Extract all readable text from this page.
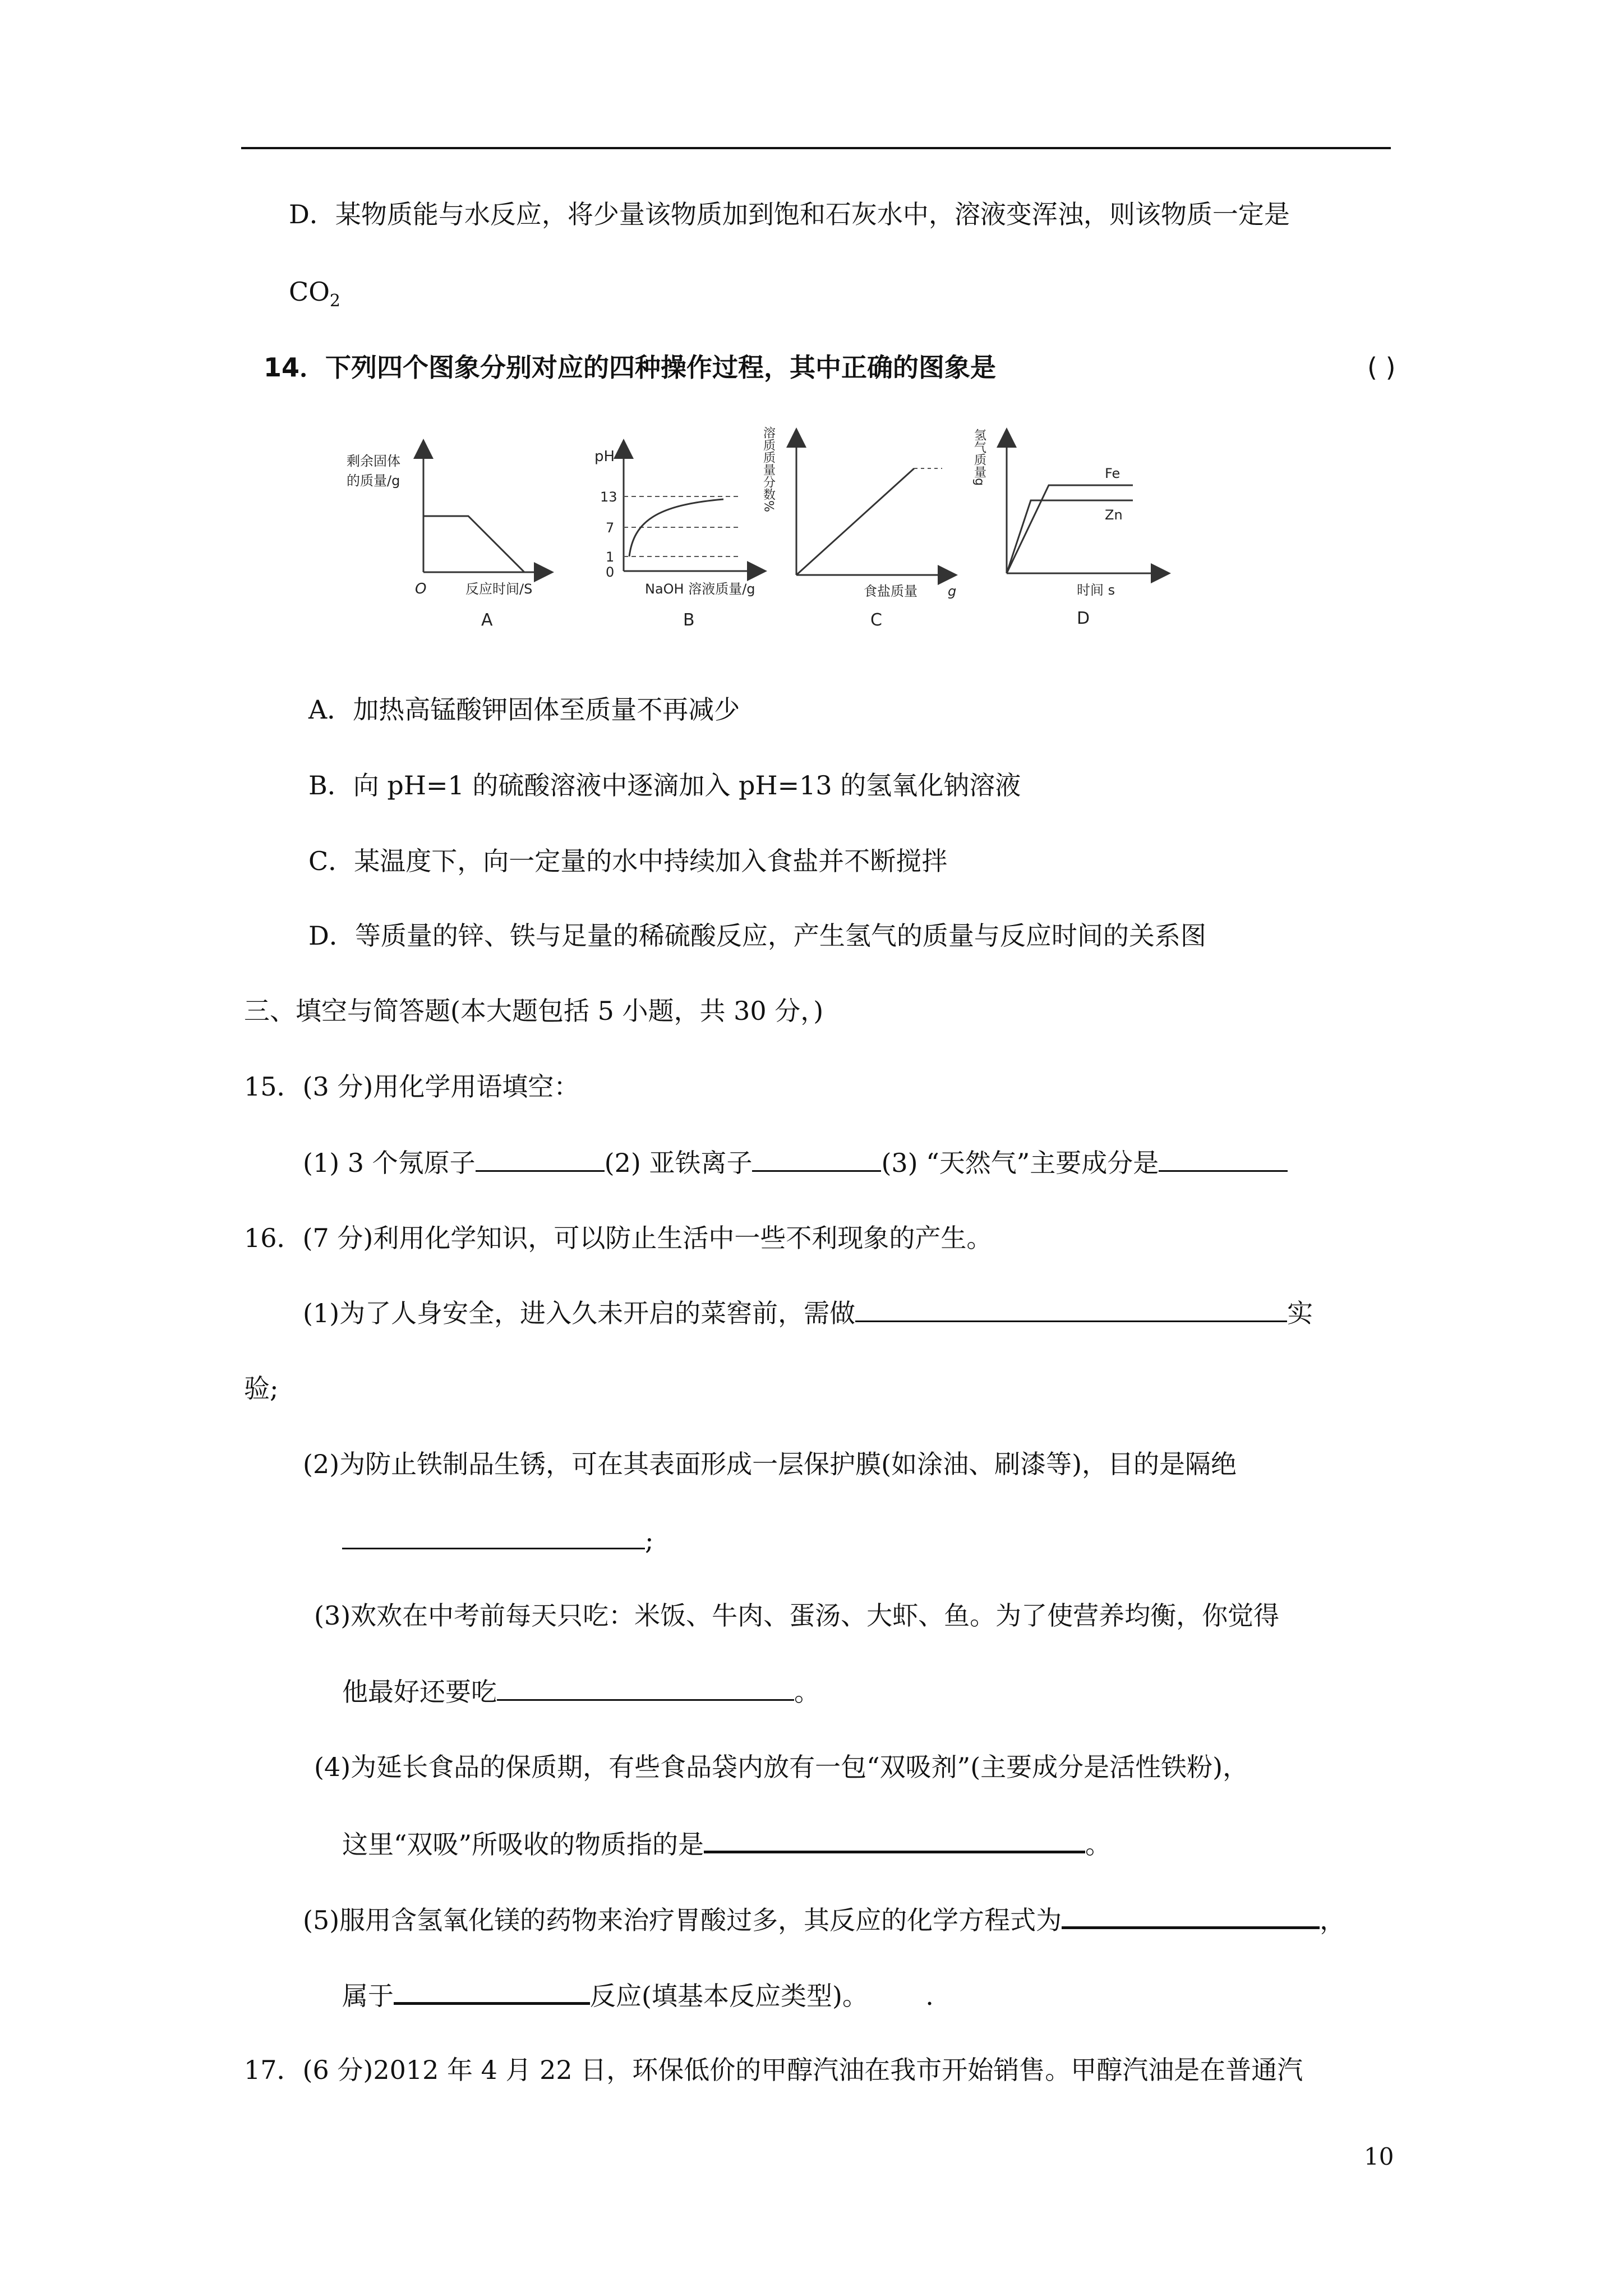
D．某物质能与水反应，将少量该物质加到饱和石灰水中，溶液变浑浊，则该物质一定是
$CO_2$
14．下列四个图象分别对应的四种操作过程，其中正确的图象是	( )
剩余固体
的质量/g
O	反应时间/S
A
pH
13
7
1
0
NaOH 溶液质量/g
B
溶质质量分数%
食盐质量 g
C
氢气质量g	Fe
Zn
时间 s
D
A．加热高锰酸钾固体至质量不再减少
B．向 pH=1 的硫酸溶液中逐滴加入 pH=13 的氢氧化钠溶液
C．某温度下，向一定量的水中持续加入食盐并不断搅拌
D．等质量的锌、铁与足量的稀硫酸反应，产生氢气的质量与反应时间的关系图
三、填空与简答题(本大题包括 5 小题，共 30 分，)
15．(3 分)用化学用语填空：
(1) 3 个氖原子	(2) 亚铁离子	(3) “天然气”主要成分是
16．(7 分)利用化学知识，可以防止生活中一些不利现象的产生。
(1)为了人身安全，进入久未开启的菜窖前，需做	实
验;
(2)为防止铁制品生锈，可在其表面形成一层保护膜(如涂油、刷漆等)，目的是隔绝
;
(3)欢欢在中考前每天只吃：米饭、牛肉、蛋汤、大虾、鱼。为了使营养均衡，你觉得
他最好还要吃	。
(4)为延长食品的保质期，有些食品袋内放有一包“双吸剂”(主要成分是活性铁粉)，
这里“双吸”所吸收的物质指的是	。
(5)服用含氢氧化镁的药物来治疗胃酸过多，其反应的化学方程式为	，
属于	反应(填基本反应类型)。       .
17．(6 分)2012 年 4 月 22 日，环保低价的甲醇汽油在我市开始销售。甲醇汽油是在普通汽
10
